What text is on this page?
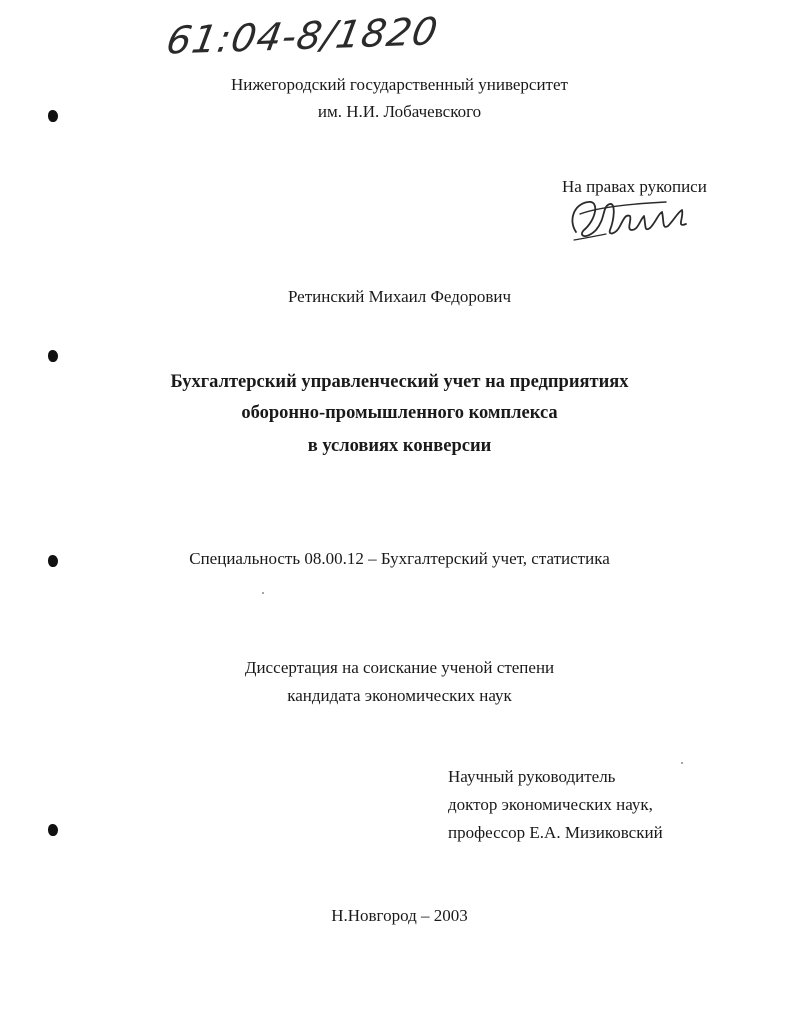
61:04-8/1820
Нижегородский государственный университет
им. Н.И. Лобачевского
На правах рукописи
Ретинский Михаил Федорович
Бухгалтерский управленческий учет на предприятиях
оборонно-промышленного комплекса
в условиях конверсии
Специальность 08.00.12 – Бухгалтерский учет, статистика
Диссертация на соискание ученой степени
кандидата экономических наук
Научный руководитель
доктор экономических наук,
профессор Е.А. Мизиковский
Н.Новгород – 2003
